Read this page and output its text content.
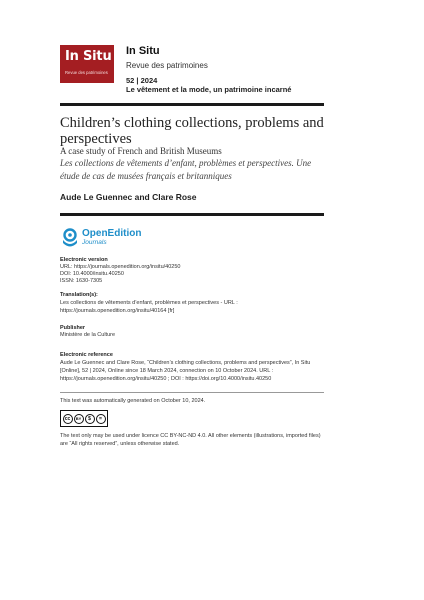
In Situ
Revue des patrimoines
In Situ
Revue des patrimoines
52 | 2024
Le vêtement et la mode, un patrimoine incarné
Children’s clothing collections, problems and perspectives
A case study of French and British Museums
Les collections de vêtements d’enfant, problèmes et perspectives. Une étude de cas de musées français et britanniques
Aude Le Guennec and Clare Rose
OpenEdition
Journals
Electronic version
URL: https://journals.openedition.org/insitu/40250
DOI: 10.4000/insitu.40250
ISSN: 1630-7305
Translation(s):
Les collections de vêtements d’enfant, problèmes et perspectives - URL : https://journals.openedition.org/insitu/40164 [fr]
Publisher
Ministère de la Culture
Electronic reference
Aude Le Guennec and Clare Rose, “Children’s clothing collections, problems and perspectives”, In Situ [Online], 52 | 2024, Online since 18 March 2024, connection on 10 October 2024. URL : https://journals.openedition.org/insitu/40250 ; DOI : https://doi.org/10.4000/insitu.40250
This text was automatically generated on October 10, 2024.
cc	BY	$	=
The text only may be used under licence CC BY-NC-ND 4.0. All other elements (illustrations, imported files) are “All rights reserved”, unless otherwise stated.
